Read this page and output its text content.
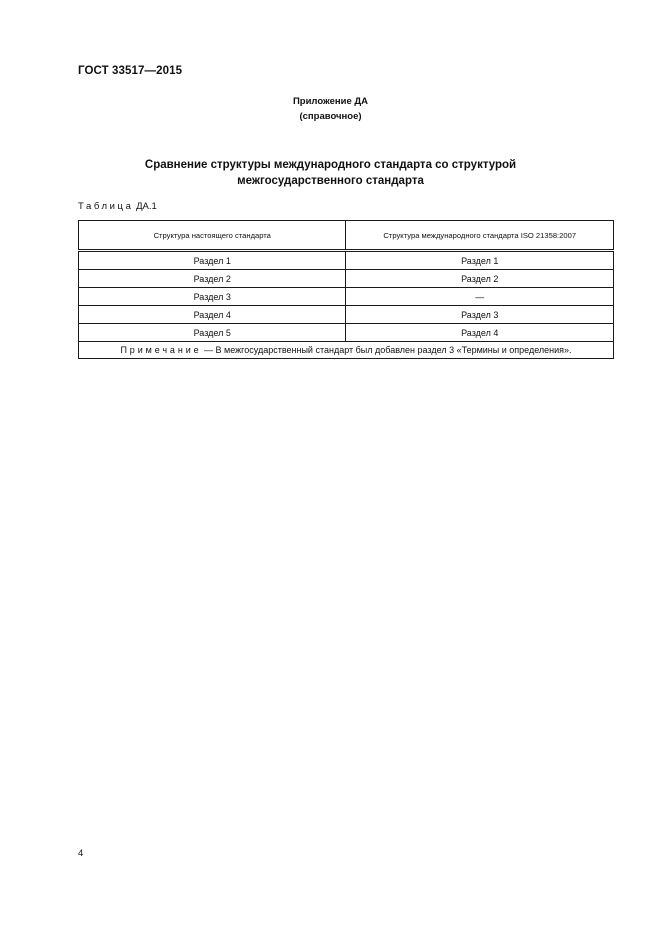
ГОСТ 33517—2015
Приложение ДА
(справочное)
Сравнение структуры международного стандарта со структурой
межгосударственного стандарта
Таблица ДА.1
Структура настоящего стандарта	Структура международного стандарта ISO 21358:2007
Раздел 1	Раздел 1
Раздел 2	Раздел 2
Раздел 3	—
Раздел 4	Раздел 3
Раздел 5	Раздел 4
Примечание — В межгосударственный стандарт был добавлен раздел 3 «Термины и определения».	
4
